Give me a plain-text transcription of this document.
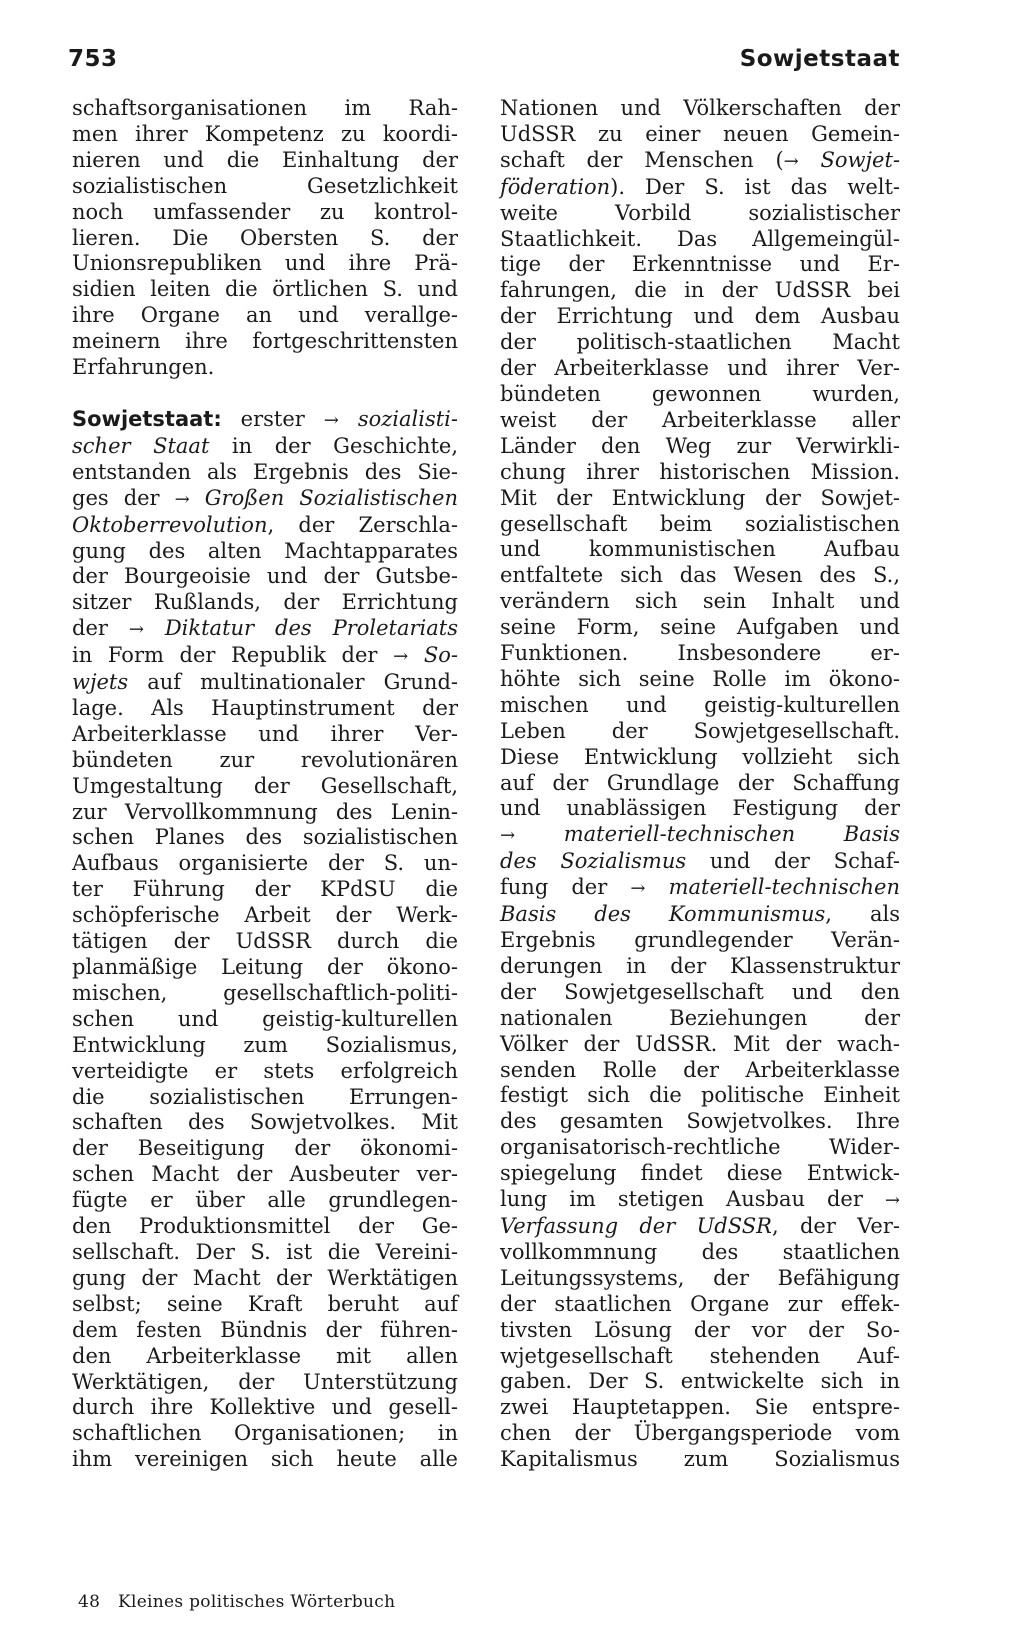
753	Sowjetstaat
schaftsorganisationen im Rah-
men ihrer Kompetenz zu koordi-
nieren und die Einhaltung der
sozialistischen Gesetzlichkeit
noch umfassender zu kontrol-
lieren. Die Obersten S. der
Unionsrepubliken und ihre Prä-
sidien leiten die örtlichen S. und
ihre Organe an und verallge-
meinern ihre fortgeschrittensten
Erfahrungen.
Sowjetstaat: erster → sozialisti-
scher Staat in der Geschichte,
entstanden als Ergebnis des Sie-
ges der → Großen Sozialistischen
Oktoberrevolution, der Zerschla-
gung des alten Machtapparates
der Bourgeoisie und der Gutsbe-
sitzer Rußlands, der Errichtung
der → Diktatur des Proletariats
in Form der Republik der → So-
wjets auf multinationaler Grund-
lage. Als Hauptinstrument der
Arbeiterklasse und ihrer Ver-
bündeten zur revolutionären
Umgestaltung der Gesellschaft,
zur Vervollkommnung des Lenin-
schen Planes des sozialistischen
Aufbaus organisierte der S. un-
ter Führung der KPdSU die
schöpferische Arbeit der Werk-
tätigen der UdSSR durch die
planmäßige Leitung der ökono-
mischen, gesellschaftlich-politi-
schen und geistig-kulturellen
Entwicklung zum Sozialismus,
verteidigte er stets erfolgreich
die sozialistischen Errungen-
schaften des Sowjetvolkes. Mit
der Beseitigung der ökonomi-
schen Macht der Ausbeuter ver-
fügte er über alle grundlegen-
den Produktionsmittel der Ge-
sellschaft. Der S. ist die Vereini-
gung der Macht der Werktätigen
selbst; seine Kraft beruht auf
dem festen Bündnis der führen-
den Arbeiterklasse mit allen
Werktätigen, der Unterstützung
durch ihre Kollektive und gesell-
schaftlichen Organisationen; in
ihm vereinigen sich heute alle
Nationen und Völkerschaften der
UdSSR zu einer neuen Gemein-
schaft der Menschen (→ Sowjet-
föderation). Der S. ist das welt-
weite Vorbild sozialistischer
Staatlichkeit. Das Allgemeingül-
tige der Erkenntnisse und Er-
fahrungen, die in der UdSSR bei
der Errichtung und dem Ausbau
der politisch-staatlichen Macht
der Arbeiterklasse und ihrer Ver-
bündeten gewonnen wurden,
weist der Arbeiterklasse aller
Länder den Weg zur Verwirkli-
chung ihrer historischen Mission.
Mit der Entwicklung der Sowjet-
gesellschaft beim sozialistischen
und kommunistischen Aufbau
entfaltete sich das Wesen des S.,
verändern sich sein Inhalt und
seine Form, seine Aufgaben und
Funktionen. Insbesondere er-
höhte sich seine Rolle im ökono-
mischen und geistig-kulturellen
Leben der Sowjetgesellschaft.
Diese Entwicklung vollzieht sich
auf der Grundlage der Schaffung
und unablässigen Festigung der
→ materiell-technischen Basis
des Sozialismus und der Schaf-
fung der → materiell-technischen
Basis des Kommunismus, als
Ergebnis grundlegender Verän-
derungen in der Klassenstruktur
der Sowjetgesellschaft und den
nationalen Beziehungen der
Völker der UdSSR. Mit der wach-
senden Rolle der Arbeiterklasse
festigt sich die politische Einheit
des gesamten Sowjetvolkes. Ihre
organisatorisch-rechtliche Wider-
spiegelung findet diese Entwick-
lung im stetigen Ausbau der →
Verfassung der UdSSR, der Ver-
vollkommnung des staatlichen
Leitungssystems, der Befähigung
der staatlichen Organe zur effek-
tivsten Lösung der vor der So-
wjetgesellschaft stehenden Auf-
gaben. Der S. entwickelte sich in
zwei Hauptetappen. Sie entspre-
chen der Übergangsperiode vom
Kapitalismus zum Sozialismus
48 Kleines politisches Wörterbuch
